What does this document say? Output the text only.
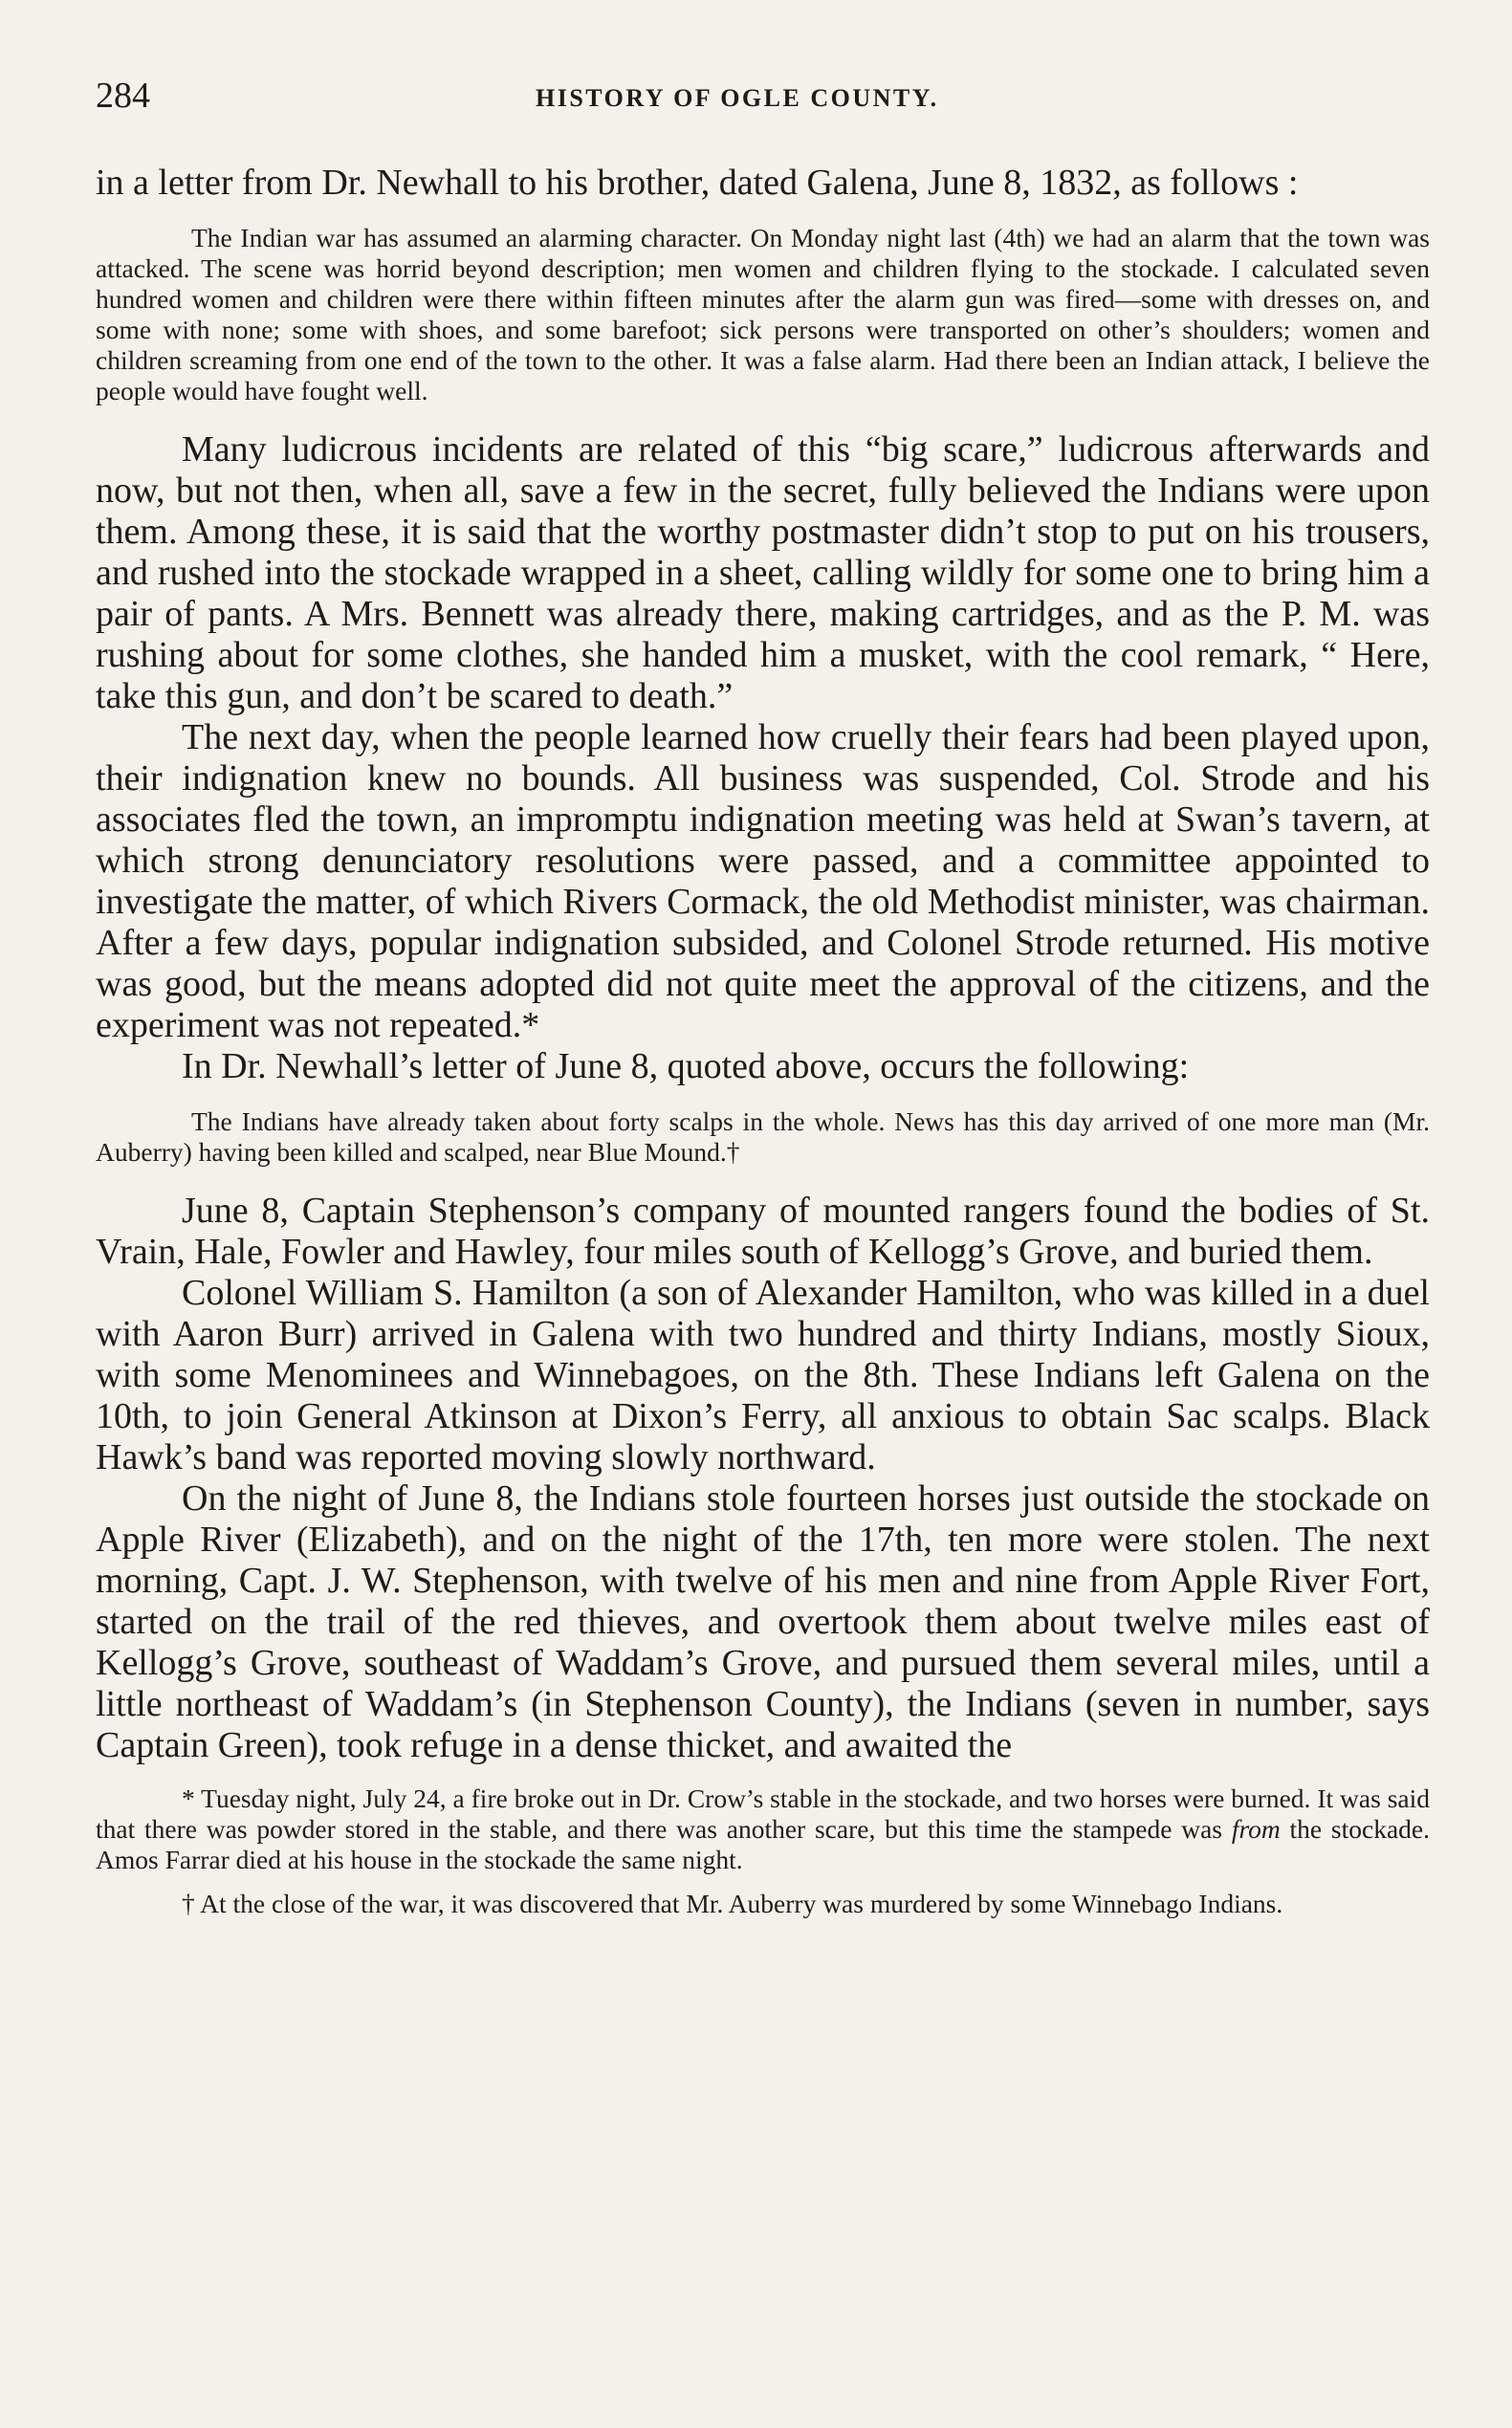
284	HISTORY OF OGLE COUNTY.

in a letter from Dr. Newhall to his brother, dated Galena, June 8, 1832, as follows :

The Indian war has assumed an alarming character. On Monday night last (4th) we had an alarm that the town was attacked. The scene was horrid beyond description; men women and children flying to the stockade. I calculated seven hundred women and children were there within fifteen minutes after the alarm gun was fired—some with dresses on, and some with none; some with shoes, and some barefoot; sick persons were transported on other’s shoulders; women and children screaming from one end of the town to the other. It was a false alarm. Had there been an Indian attack, I believe the people would have fought well.

Many ludicrous incidents are related of this “big scare,” ludicrous afterwards and now, but not then, when all, save a few in the secret, fully believed the Indians were upon them. Among these, it is said that the worthy postmaster didn’t stop to put on his trousers, and rushed into the stockade wrapped in a sheet, calling wildly for some one to bring him a pair of pants. A Mrs. Bennett was already there, making cartridges, and as the P. M. was rushing about for some clothes, she handed him a musket, with the cool remark, “ Here, take this gun, and don’t be scared to death.”

The next day, when the people learned how cruelly their fears had been played upon, their indignation knew no bounds. All business was suspended, Col. Strode and his associates fled the town, an impromptu indignation meeting was held at Swan’s tavern, at which strong denunciatory resolutions were passed, and a committee appointed to investigate the matter, of which Rivers Cormack, the old Methodist minister, was chairman. After a few days, popular indignation subsided, and Colonel Strode returned. His motive was good, but the means adopted did not quite meet the approval of the citizens, and the experiment was not repeated.*

In Dr. Newhall’s letter of June 8, quoted above, occurs the following:

The Indians have already taken about forty scalps in the whole. News has this day arrived of one more man (Mr. Auberry) having been killed and scalped, near Blue Mound.†

June 8, Captain Stephenson’s company of mounted rangers found the bodies of St. Vrain, Hale, Fowler and Hawley, four miles south of Kellogg’s Grove, and buried them.

Colonel William S. Hamilton (a son of Alexander Hamilton, who was killed in a duel with Aaron Burr) arrived in Galena with two hundred and thirty Indians, mostly Sioux, with some Menominees and Winnebagoes, on the 8th. These Indians left Galena on the 10th, to join General Atkinson at Dixon’s Ferry, all anxious to obtain Sac scalps. Black Hawk’s band was reported moving slowly northward.

On the night of June 8, the Indians stole fourteen horses just outside the stockade on Apple River (Elizabeth), and on the night of the 17th, ten more were stolen. The next morning, Capt. J. W. Stephenson, with twelve of his men and nine from Apple River Fort, started on the trail of the red thieves, and overtook them about twelve miles east of Kellogg’s Grove, southeast of Waddam’s Grove, and pursued them several miles, until a little northeast of Waddam’s (in Stephenson County), the Indians (seven in number, says Captain Green), took refuge in a dense thicket, and awaited the

* Tuesday night, July 24, a fire broke out in Dr. Crow’s stable in the stockade, and two horses were burned. It was said that there was powder stored in the stable, and there was another scare, but this time the stampede was from the stockade. Amos Farrar died at his house in the stockade the same night.

† At the close of the war, it was discovered that Mr. Auberry was murdered by some Winnebago Indians.
